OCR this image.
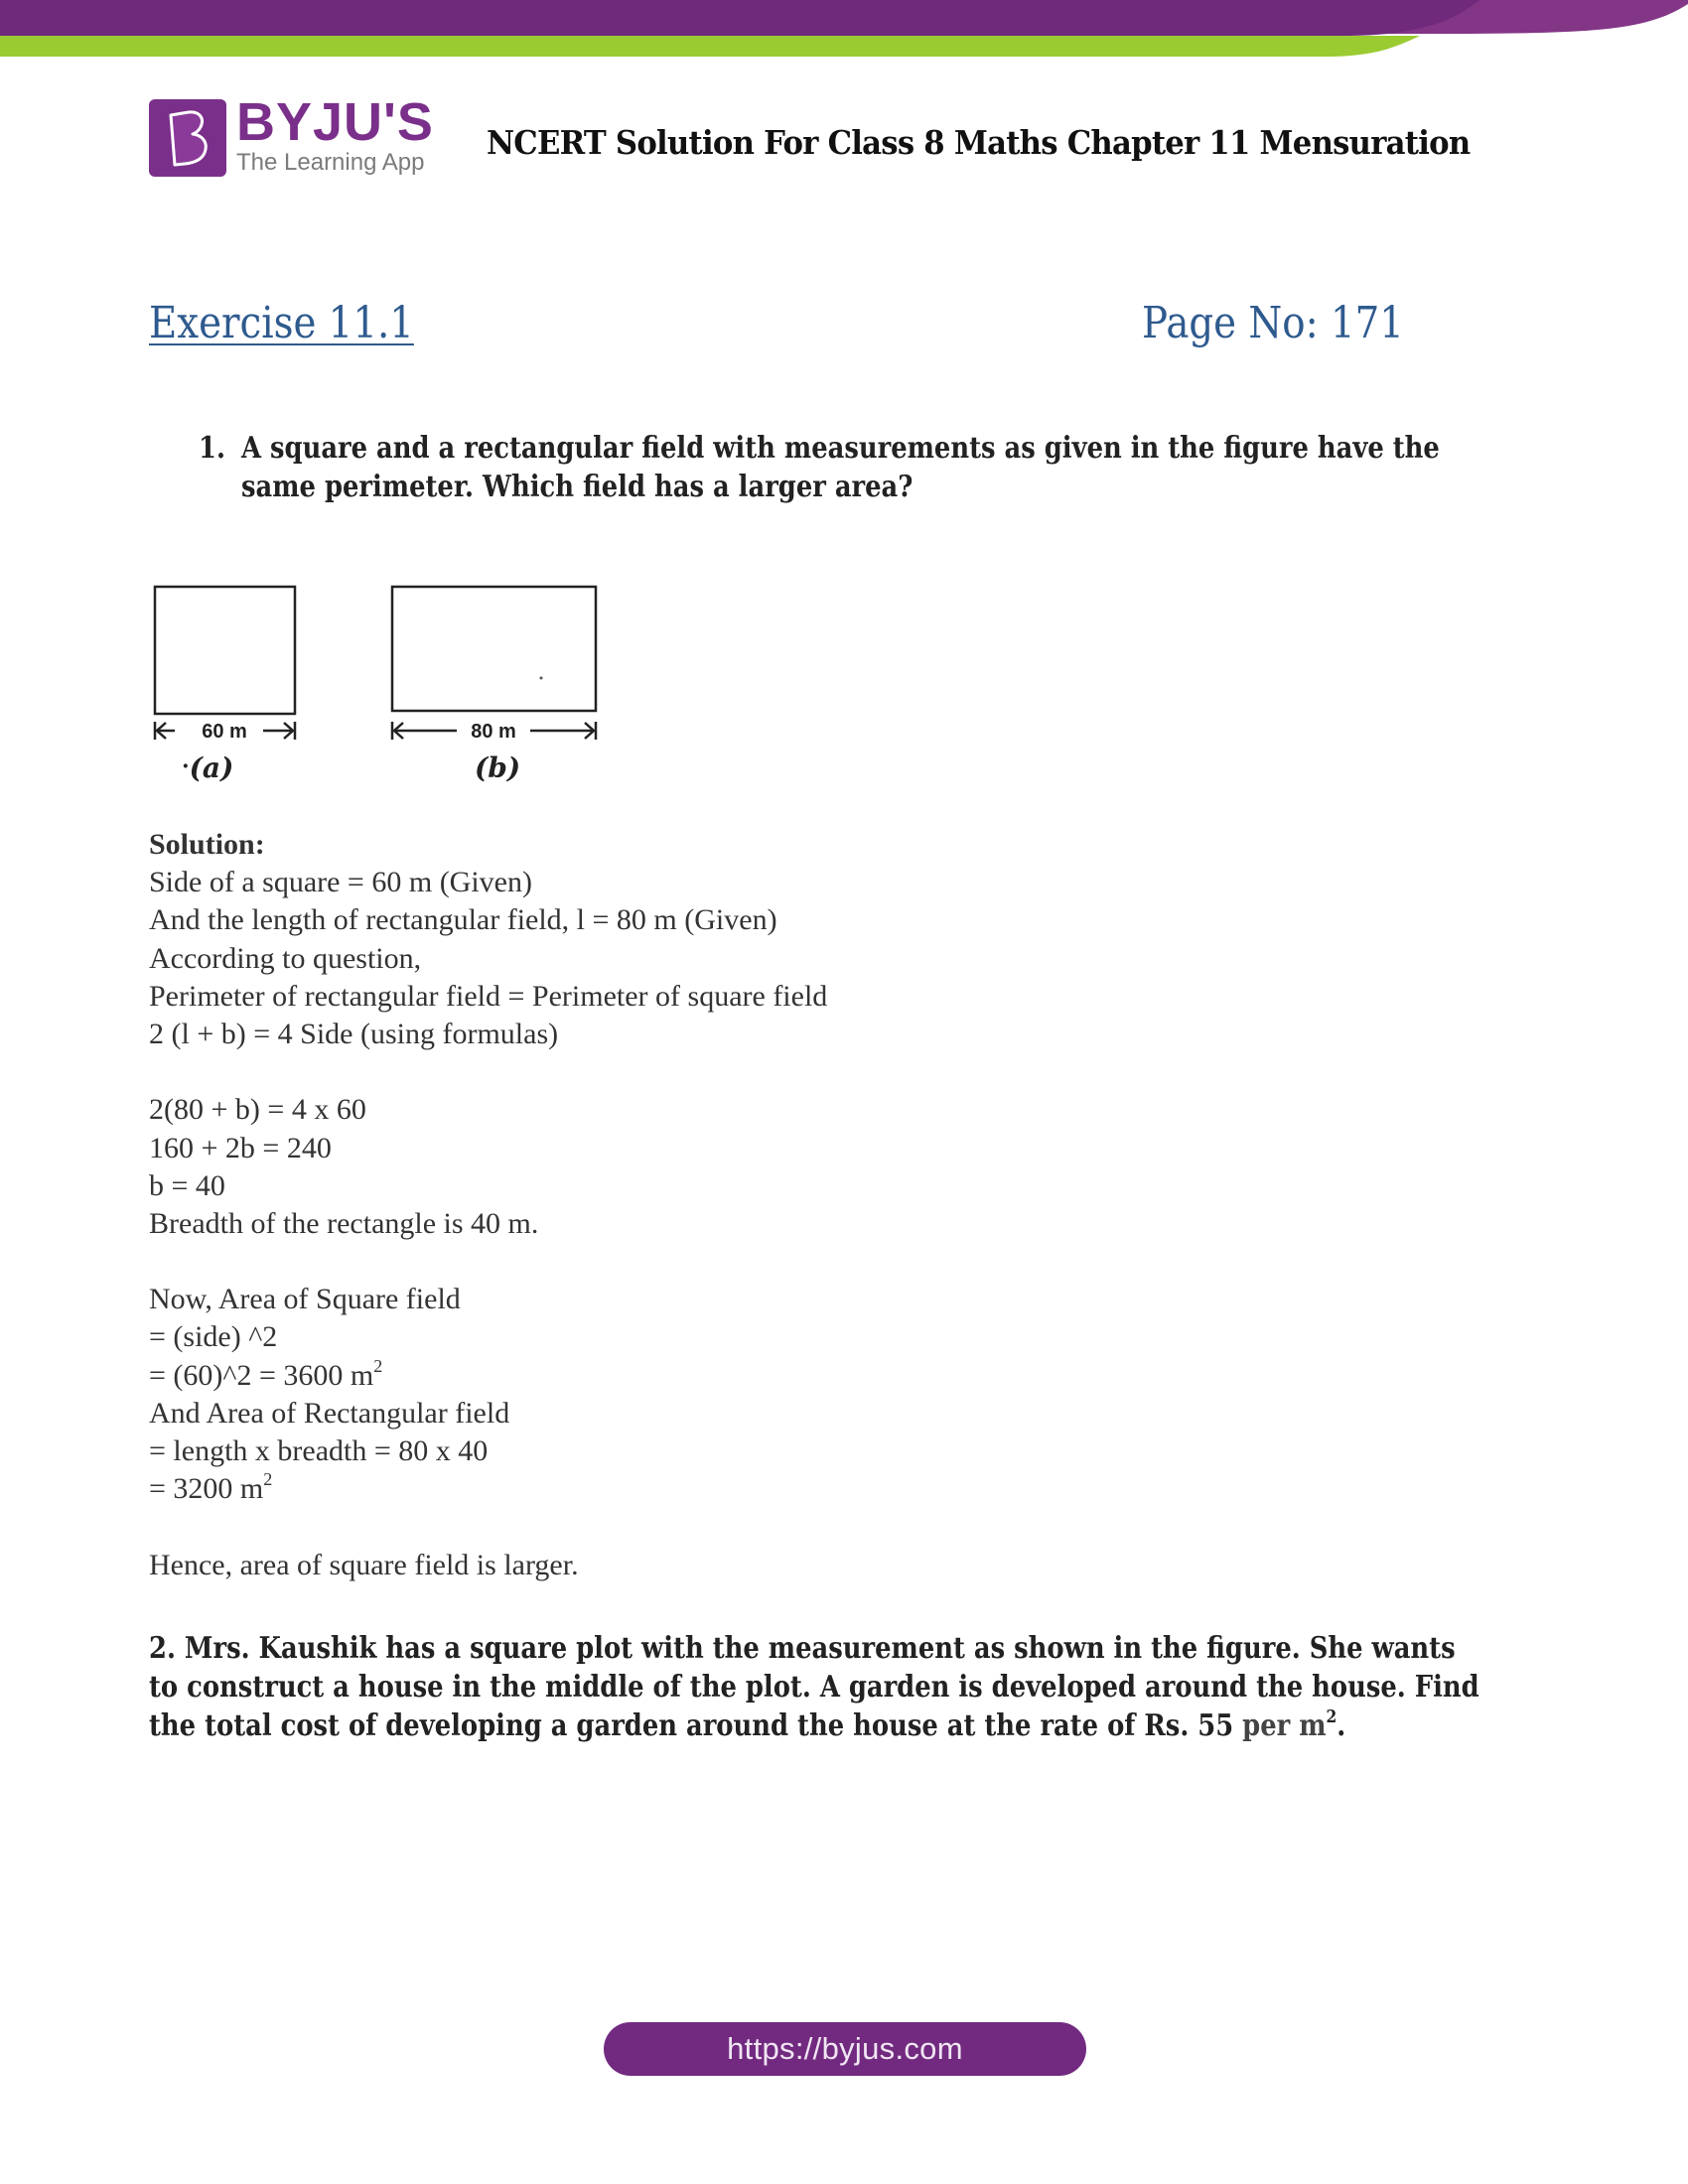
BYJU'S
The Learning App
NCERT Solution For Class 8 Maths Chapter 11 Mensuration
Exercise 11.1	Page No: 171
1. A square and a rectangular field with measurements as given in the figure have the
same perimeter. Which field has a larger area?
60 m	80 m
·(a)	(b)
Solution:
Side of a square = 60 m (Given)
And the length of rectangular field, l = 80 m (Given)
According to question,
Perimeter of rectangular field = Perimeter of square field
2 (l + b) = 4 Side (using formulas)
2(80 + b) = 4 x 60
160 + 2b = 240
b = 40
Breadth of the rectangle is 40 m.
Now, Area of Square field
= (side) ^2
= (60)^2 = 3600 $m^2$
And Area of Rectangular field
= length x breadth = 80 x 40
= 3200 $m^2$
Hence, area of square field is larger.
2. Mrs. Kaushik has a square plot with the measurement as shown in the figure. She wants
to construct a house in the middle of the plot. A garden is developed around the house. Find
the total cost of developing a garden around the house at the rate of Rs. 55 per $m^2$.
https://byjus.com
